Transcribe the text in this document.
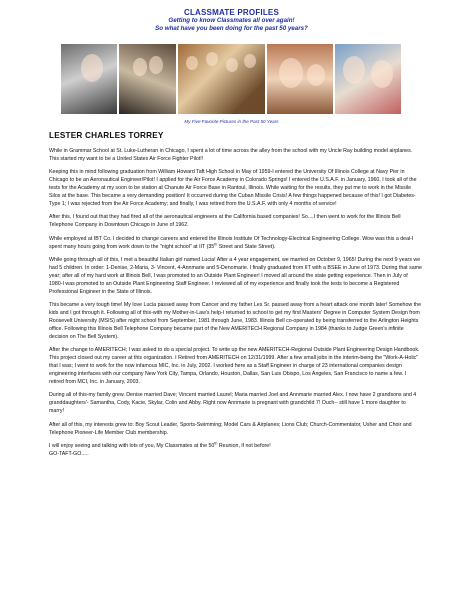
CLASSMATE PROFILES
Getting to know Classmates all over again!
So what have you been doing for the past 50 years?
My Five Favorite Pictures in the Past 50 Years
LESTER CHARLES TORREY

While in Grammar School at St. Luke-Lutheran in Chicago, I spent a lot of time across the alley from the school with my Uncle Ray building model airplanes. This started my want to be a United States Air Force Fighter Pilot!!

Keeping this in mind following graduation from William Howard Taft High School in May of 1959-I entered the University Of Illinois College at Navy Pier in Chicago to be an Aeronautical Engineer/Pilot! I applied for the Air Force Academy in Colorado Springs! I entered the U.S.A.F. in January, 1960. I took all of the tests for the Academy at my soon to be station at Chanute Air Force Base in Rantoul, Illinois. While waiting for the results, they put me to work in the Missile Silos at the base. This became a very demanding position! It occurred during the Cuban Missile Crisis! A few things happened because of this! I got Diabetes-Type 1; I was rejected from the Air Force Academy; and finally, I was retired from the U.S.A.F. with only 4 months of service!

After this, I found out that they had fired all of the aeronautical engineers at the California based companies! So....I then went to work for the Illinois Bell Telephone Company in Downtown Chicago in June of 1962.

While employed at IBT Co. I decided to change careers and entered the Illinois Institute Of Technology-Electrical Engineering College. Wow was this a deal-I spent many hours going from work down to the "night school" at IIT (35th Street and State Street).

While going through all of this, I met a beautiful Italian girl named Lucia! After a 4 year engagement, we married on October 9, 1965! During the next 9 years we had 5 children. In order: 1-Denise, 2-Maria, 3- Vincent, 4-Annmarie and 5-Denomarie. I finally graduated from IIT with a BSEE in June of 1973. During that same year; after all of my hard work at Illinois Bell, I was promoted to an Outside Plant Engineer! I moved all around the state getting experience. Then in July of 1980-I was promoted to an Outside Plant Engineering Staff Engineer. I reviewed all of my experience and finally took the tests to become a Registered Professional Engineer in the State of Illinois.

This became a very tough time! My love Lucia passed away from Cancer and my father Les Sr. passed away from a heart attack one month later! Somehow the kids and I got through it. Following all of this-with my Mother-in-Law's help-I returned to school to get my first Masters' Degree in Computer System Design from Roosevelt University (MSIS) after night school from September, 1981 through June, 1983. Illinois Bell co-operated by being transferred to the Arlington Heights office. Following this Illinois Bell Telephone Company became part of the New AMERITECH Regional Company in 1984 (thanks to Judge Green's infinite decision on The Bell System).

After the change to AMERITECH; I was asked to do a special project. To write up the new AMERITECH-Regional Outside Plant Engineering Design Handbook. This project closed out my career at this organization. I Retired from AMERITECH on 12/31/1999. After a few small jobs in the interim-being the "Work-A-Holic" that I was; I went to work for the now infamous MIC, Inc. in July, 2002. I worked here as a Staff Engineer in charge of 23 international companies design engineering interfaces with our company New York City, Tampa, Orlando, Houston, Dallas, San Luis Obispo, Los Angeles, San Francisco to name a few. I retired from MCI, Inc. in January, 2003.

During all of this-my family grew. Denise married Dave; Vincent married Laurel; Maria married Joel and Annmarie married Alex. I now have 2 grandsons and 4 granddaughters'- Samantha, Cody, Kacie, Skylar, Colin and Abby. Right now Annmarie is pregnant with grandchild 7! Ouch-- still have 1 more daughter to marry!

After all of this, my interests grew to: Boy Scout Leader, Sports-Swimming; Model Cars & Airplanes; Lions Club; Church-Commentator, Usher and Choir and Telephone Pioneer-Life Member Club membership.

I will enjoy seeing and talking with lots of you, My Classmates at the 50th Reunion, if not before!
GO-TAFT-GO.....
